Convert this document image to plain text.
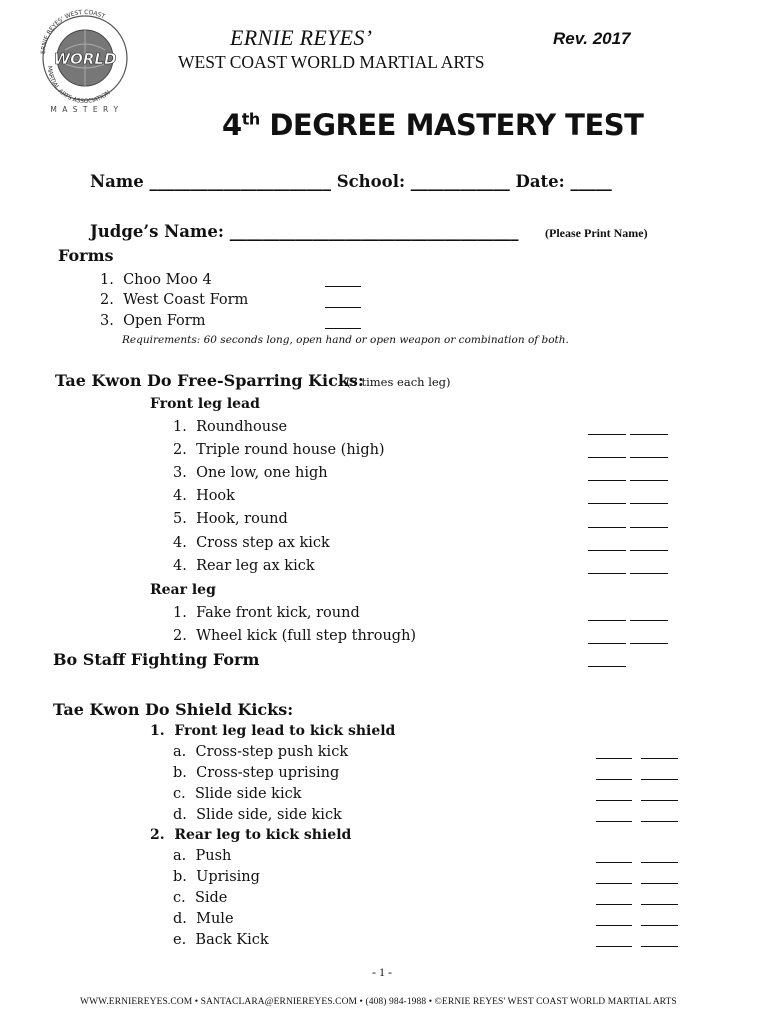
ERNIE REYES' WEST COAST
MARTIAL ARTS ASSOCIATION
WORLD
M A S T E R Y
ERNIE REYES’
WEST COAST WORLD MARTIAL ARTS
Rev. 2017
4th DEGREE MASTERY TEST
Name ______________________ School: ____________ Date: _____
Judge’s Name: ___________________________________ (Please Print Name)
Forms
1. Choo Moo 4
2. West Coast Form
3. Open Form
Requirements: 60 seconds long, open hand or open weapon or combination of both.
Tae Kwon Do Free-Sparring Kicks:
(3 times each leg)
Front leg lead
1. Roundhouse
2. Triple round house (high)
3. One low, one high
4. Hook
5. Hook, round
4. Cross step ax kick
4. Rear leg ax kick
Rear leg
1. Fake front kick, round
2. Wheel kick (full step through)
Bo Staff Fighting Form
Tae Kwon Do Shield Kicks:
1. Front leg lead to kick shield
a. Cross-step push kick
b. Cross-step uprising
c. Slide side kick
d. Slide side, side kick
2. Rear leg to kick shield
a. Push
b. Uprising
c. Side
d. Mule
e. Back Kick
- 1 -
WWW.ERNIEREYES.COM • SANTACLARA@ERNIEREYES.COM • (408) 984-1988 • ©ERNIE REYES' WEST COAST WORLD MARTIAL ARTS
